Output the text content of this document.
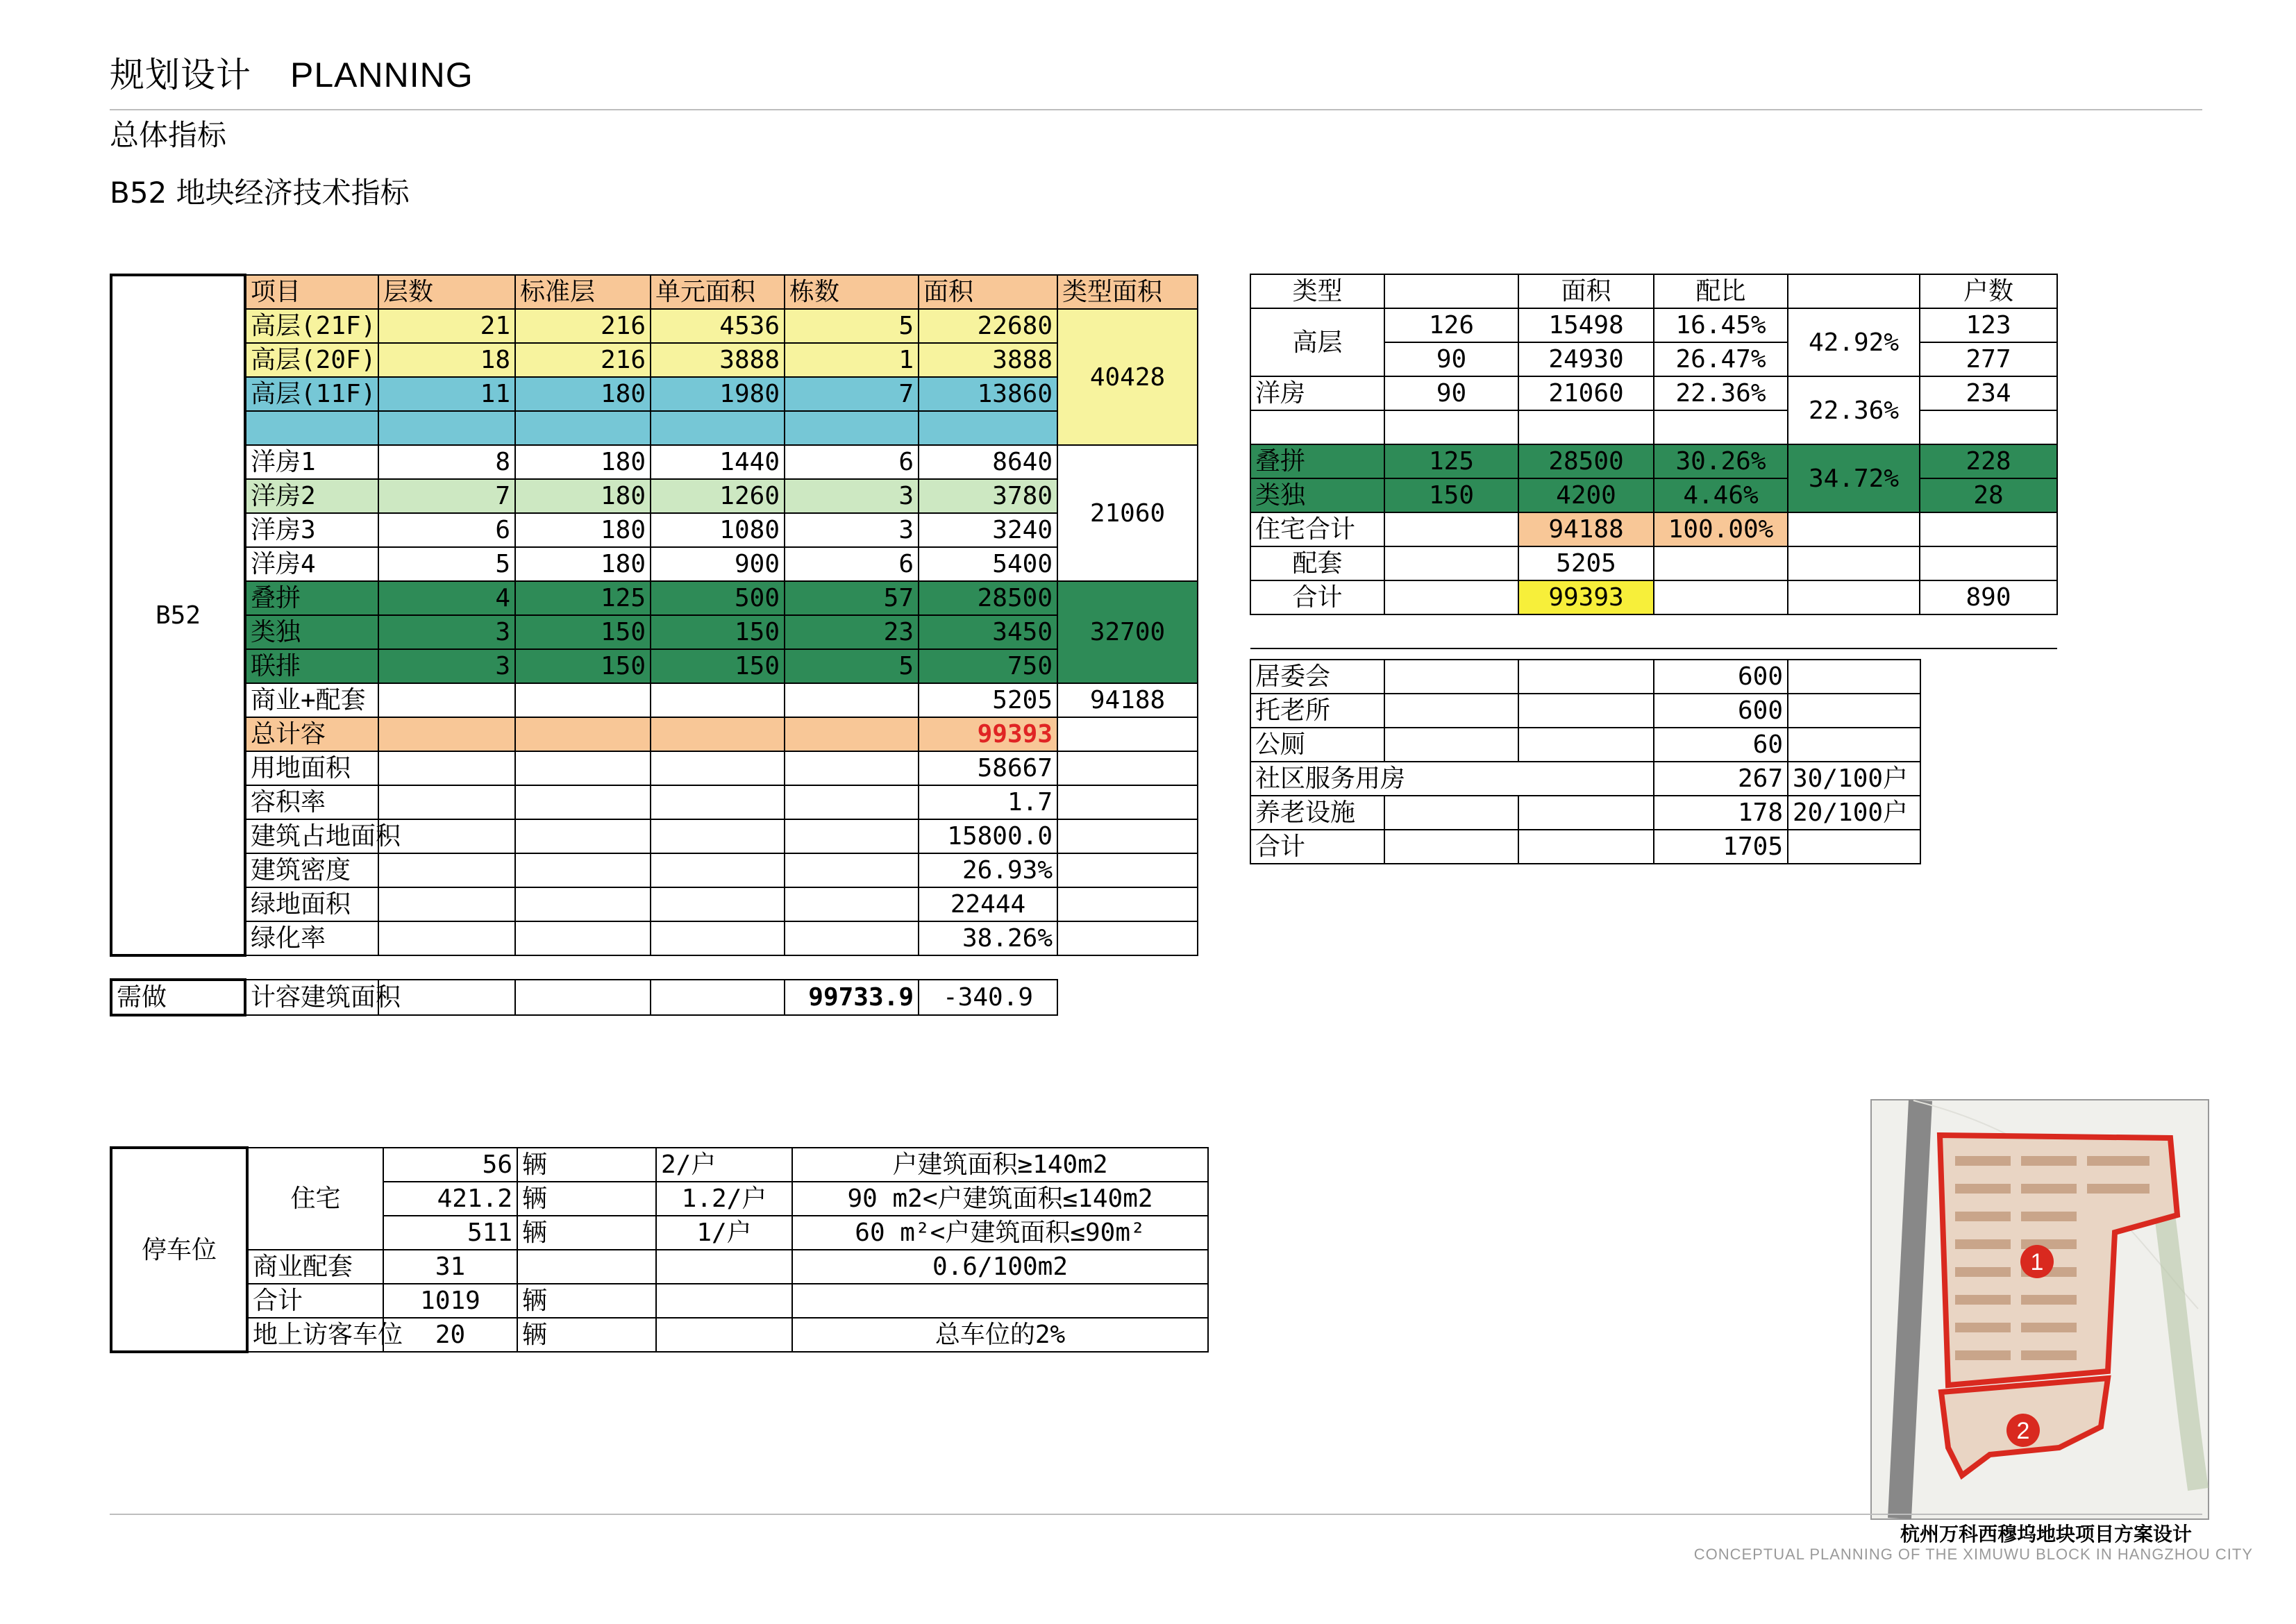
规划设计 PLANNING
总体指标
B52 地块经济技术指标
B52	项目	层数	标准层	单元面积	栋数	面积	类型面积
	高层(21F)	21	216	4536	5	22680	40428
	高层(20F)	18	216	3888	1	3888	
	高层(11F)	11	180	1980	7	13860	

	洋房1	8	180	1440	6	8640	21060
	洋房2	7	180	1260	3	3780	
	洋房3	6	180	1080	3	3240	
	洋房4	5	180	900	6	5400	
	叠拼	4	125	500	57	28500	32700
	类独	3	150	150	23	3450	
	联排	3	150	150	5	750	
	商业+配套					5205	94188
	总计容					99393	
	用地面积					58667	
	容积率					1.7	
	建筑占地面积					15800.0	
	建筑密度					26.93%	
	绿地面积					22444	
	绿化率					38.26%	
需做	计容建筑面积				99733.9	-340.9
类型		面积	配比		户数
高层	126	15498	16.45%	42.92%	123
	90	24930	26.47%		277
洋房	90	21060	22.36%	22.36%	234

叠拼	125	28500	30.26%	34.72%	228
类独	150	4200	4.46%		28
住宅合计		94188	100.00%		
配套		5205			
合计		99393			890

居委会			600	
托老所			600	
公厕			60	
社区服务用房			267	30/100户
养老设施			178	20/100户
合计			1705	
停车位	住宅	56	辆	2/户	户建筑面积≥140m2
		421.2	辆	1.2/户	90 m2<户建筑面积≤140m2
		511	辆	1/户	60 m²<户建筑面积≤90m²
	商业配套	31			0.6/100m2
	合计	1019	辆		
	地上访客车位	20	辆		总车位的2%
1
2
杭州万科西穆坞地块项目方案设计
CONCEPTUAL PLANNING OF THE XIMUWU BLOCK IN HANGZHOU CITY
